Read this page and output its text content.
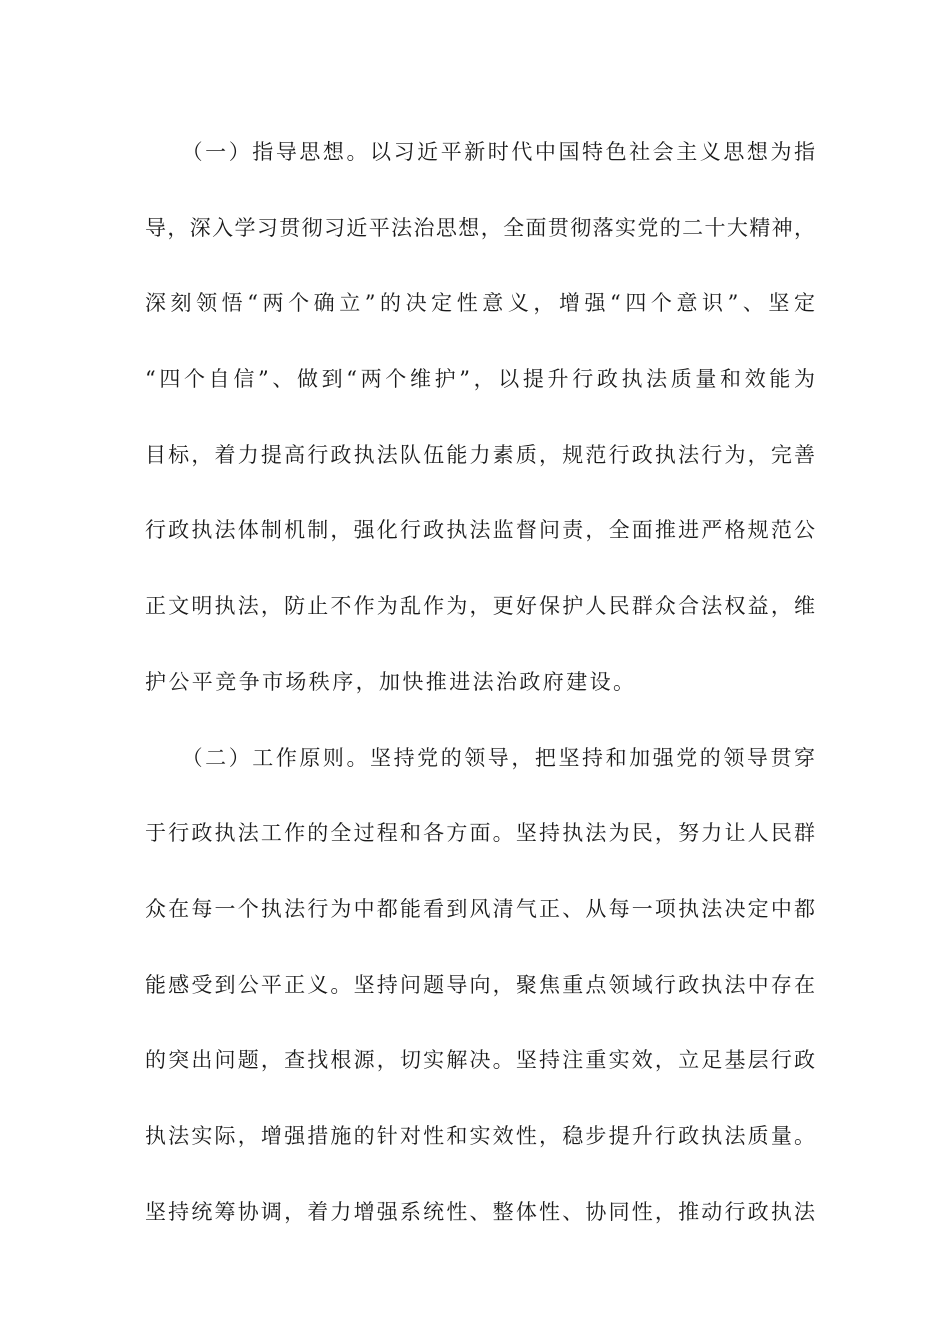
　　（一）指导思想。以习近平新时代中国特色社会主义思想为指
导，深入学习贯彻习近平法治思想，全面贯彻落实党的二十大精神，
深刻领悟“两个确立”的决定性意义，增强“四个意识”、坚定
“四个自信”、做到“两个维护”，以提升行政执法质量和效能为
目标，着力提高行政执法队伍能力素质，规范行政执法行为，完善
行政执法体制机制，强化行政执法监督问责，全面推进严格规范公
正文明执法，防止不作为乱作为，更好保护人民群众合法权益，维
护公平竞争市场秩序，加快推进法治政府建设。
　　（二）工作原则。坚持党的领导，把坚持和加强党的领导贯穿
于行政执法工作的全过程和各方面。坚持执法为民，努力让人民群
众在每一个执法行为中都能看到风清气正、从每一项执法决定中都
能感受到公平正义。坚持问题导向，聚焦重点领域行政执法中存在
的突出问题，查找根源，切实解决。坚持注重实效，立足基层行政
执法实际，增强措施的针对性和实效性，稳步提升行政执法质量。
坚持统筹协调，着力增强系统性、整体性、协同性，推动行政执法
